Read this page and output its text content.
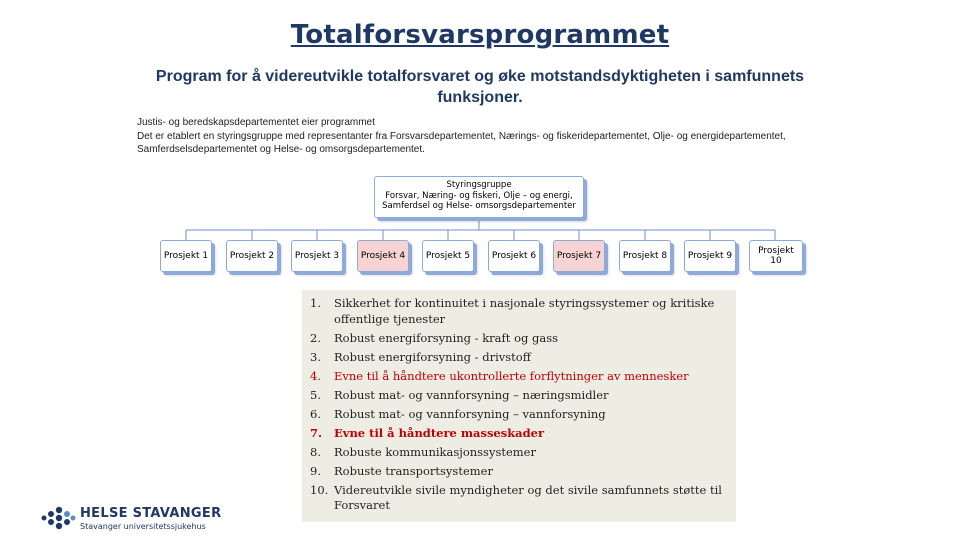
Totalforsvarsprogrammet
Program for å videreutvikle totalforsvaret og øke motstandsdyktigheten i samfunnets funksjoner.
Justis- og beredskapsdepartementet eier programmet
Det er etablert en styringsgruppe med representanter fra Forsvarsdepartementet, Nærings- og fiskeridepartementet, Olje- og energidepartementet, Samferdselsdepartementet og Helse- og omsorgsdepartementet.
Styringsgruppe
Forsvar, Næring- og fiskeri, Olje – og energi,
Samferdsel og Helse- omsorgsdepartementer
Prosjekt 1	Prosjekt 2	Prosjekt 3	Prosjekt 4	Prosjekt 5	Prosjekt 6	Prosjekt 7	Prosjekt 8	Prosjekt 9	Prosjekt 10
1.	Sikkerhet for kontinuitet i nasjonale styringssystemer og kritiske offentlige tjenester
2.	Robust energiforsyning - kraft og gass
3.	Robust energiforsyning - drivstoff
4.	Evne til å håndtere ukontrollerte forflytninger av mennesker
5.	Robust mat- og vannforsyning – næringsmidler
6.	Robust mat- og vannforsyning – vannforsyning
7.	Evne til å håndtere masseskader
8.	Robuste kommunikasjonssystemer
9.	Robuste transportsystemer
10. Videreutvikle sivile myndigheter og det sivile samfunnets støtte til Forsvaret
HELSE STAVANGER
Stavanger universitetssjukehus
